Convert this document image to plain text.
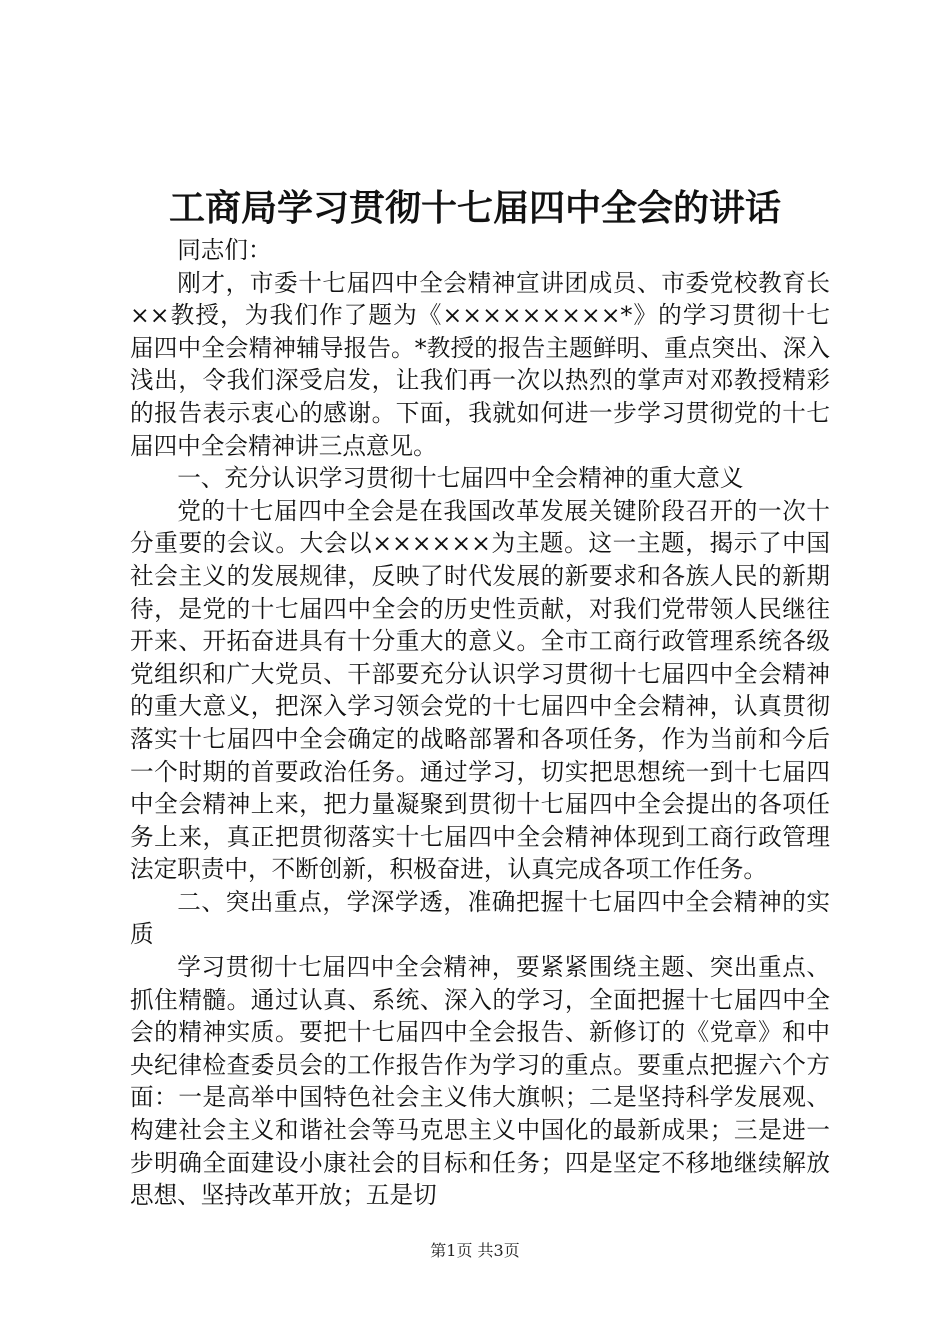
工商局学习贯彻十七届四中全会的讲话

同志们：

刚才，市委十七届四中全会精神宣讲团成员、市委党校教育长××教授，为我们作了题为《×××××××××*》的学习贯彻十七届四中全会精神辅导报告。*教授的报告主题鲜明、重点突出、深入浅出，令我们深受启发，让我们再一次以热烈的掌声对邓教授精彩的报告表示衷心的感谢。下面，我就如何进一步学习贯彻党的十七届四中全会精神讲三点意见。

一、充分认识学习贯彻十七届四中全会精神的重大意义

党的十七届四中全会是在我国改革发展关键阶段召开的一次十分重要的会议。大会以××××××为主题。这一主题，揭示了中国社会主义的发展规律，反映了时代发展的新要求和各族人民的新期待，是党的十七届四中全会的历史性贡献，对我们党带领人民继往开来、开拓奋进具有十分重大的意义。全市工商行政管理系统各级党组织和广大党员、干部要充分认识学习贯彻十七届四中全会精神的重大意义，把深入学习领会党的十七届四中全会精神，认真贯彻落实十七届四中全会确定的战略部署和各项任务，作为当前和今后一个时期的首要政治任务。通过学习，切实把思想统一到十七届四中全会精神上来，把力量凝聚到贯彻十七届四中全会提出的各项任务上来，真正把贯彻落实十七届四中全会精神体现到工商行政管理法定职责中，不断创新，积极奋进，认真完成各项工作任务。

二、突出重点，学深学透，准确把握十七届四中全会精神的实质

学习贯彻十七届四中全会精神，要紧紧围绕主题、突出重点、抓住精髓。通过认真、系统、深入的学习，全面把握十七届四中全会的精神实质。要把十七届四中全会报告、新修订的《党章》和中央纪律检查委员会的工作报告作为学习的重点。要重点把握六个方面：一是高举中国特色社会主义伟大旗帜；二是坚持科学发展观、构建社会主义和谐社会等马克思主义中国化的最新成果；三是进一步明确全面建设小康社会的目标和任务；四是坚定不移地继续解放思想、坚持改革开放；五是切

第1页 共3页
